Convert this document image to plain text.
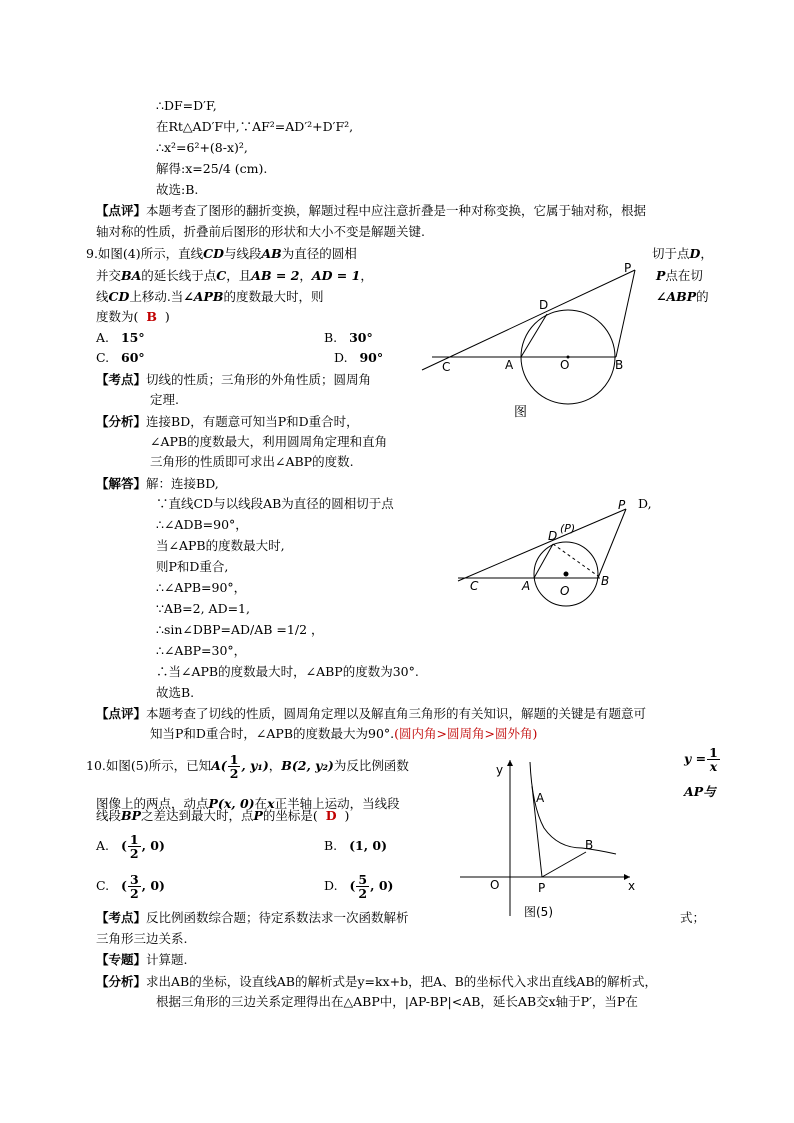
∴DF=D′F,
在Rt△AD′F中,∵AF²=AD′²+D′F²,
∴x²=6²+(8-x)²,
解得:x=25/4 (cm).
故选:B.
【点评】本题考查了图形的翻折变换，解题过程中应注意折叠是一种对称变换，它属于轴对称，根据
轴对称的性质，折叠前后图形的形状和大小不变是解题关键.
9.如图(4)所示，直线CD与线段AB为直径的圆相	切于点D，
并交BA的延长线于点C，且AB = 2，AD = 1，	P点在切
线CD上移动.当∠APB的度数最大时，则	∠ABP的
度数为( B )
A. 15°	B. 30°
C. 60°	D. 90°
【考点】切线的性质；三角形的外角性质；圆周角
定理.
【分析】连接BD，有题意可知当P和D重合时，
∠APB的度数最大，利用圆周角定理和直角
三角形的性质即可求出∠ABP的度数.
【解答】解：连接BD,
∵直线CD与以线段AB为直径的圆相切于点	D,
∴∠ADB=90°，
当∠APB的度数最大时,
则P和D重合,
∴∠APB=90°，
∵AB=2, AD=1,
∴sin∠DBP=AD/AB =1/2 ，
∴∠ABP=30°，
∴当∠APB的度数最大时，∠ABP的度数为30°.
故选B.
【点评】本题考查了切线的性质，圆周角定理以及解直角三角形的有关知识，解题的关键是有题意可
知当P和D重合时，∠APB的度数最大为90°.(圆内角>圆周角>圆外角)
C	A	O	B
D
P
图
C	A O
B
D
(P)
P
10.如图(5)所示，已知$A( \frac{1}{2}$ , y₁)，B(2, y₂)为反比例函数	$y = \frac{1}{x}$
AP与
图像上的两点，动点P(x, 0)在x正半轴上运动，当线段
线段BP之差达到最大时，点P的坐标是( D )
A. ( $\frac{1}{2}$ , 0)	B. (1, 0)
C. ( $\frac{3}{2}$ , 0)	D. ( $\frac{5}{2}$ , 0)
【考点】反比例函数综合题；待定系数法求一次函数解析	式；
三角形三边关系.
【专题】计算题.
【分析】求出AB的坐标，设直线AB的解析式是y=kx+b，把A、B的坐标代入求出直线AB的解析式，
根据三角形的三边关系定理得出在△ABP中，|AP-BP|<AB，延长AB交x轴于P′，当P在
y
x
O
A
B
P
图(5)
